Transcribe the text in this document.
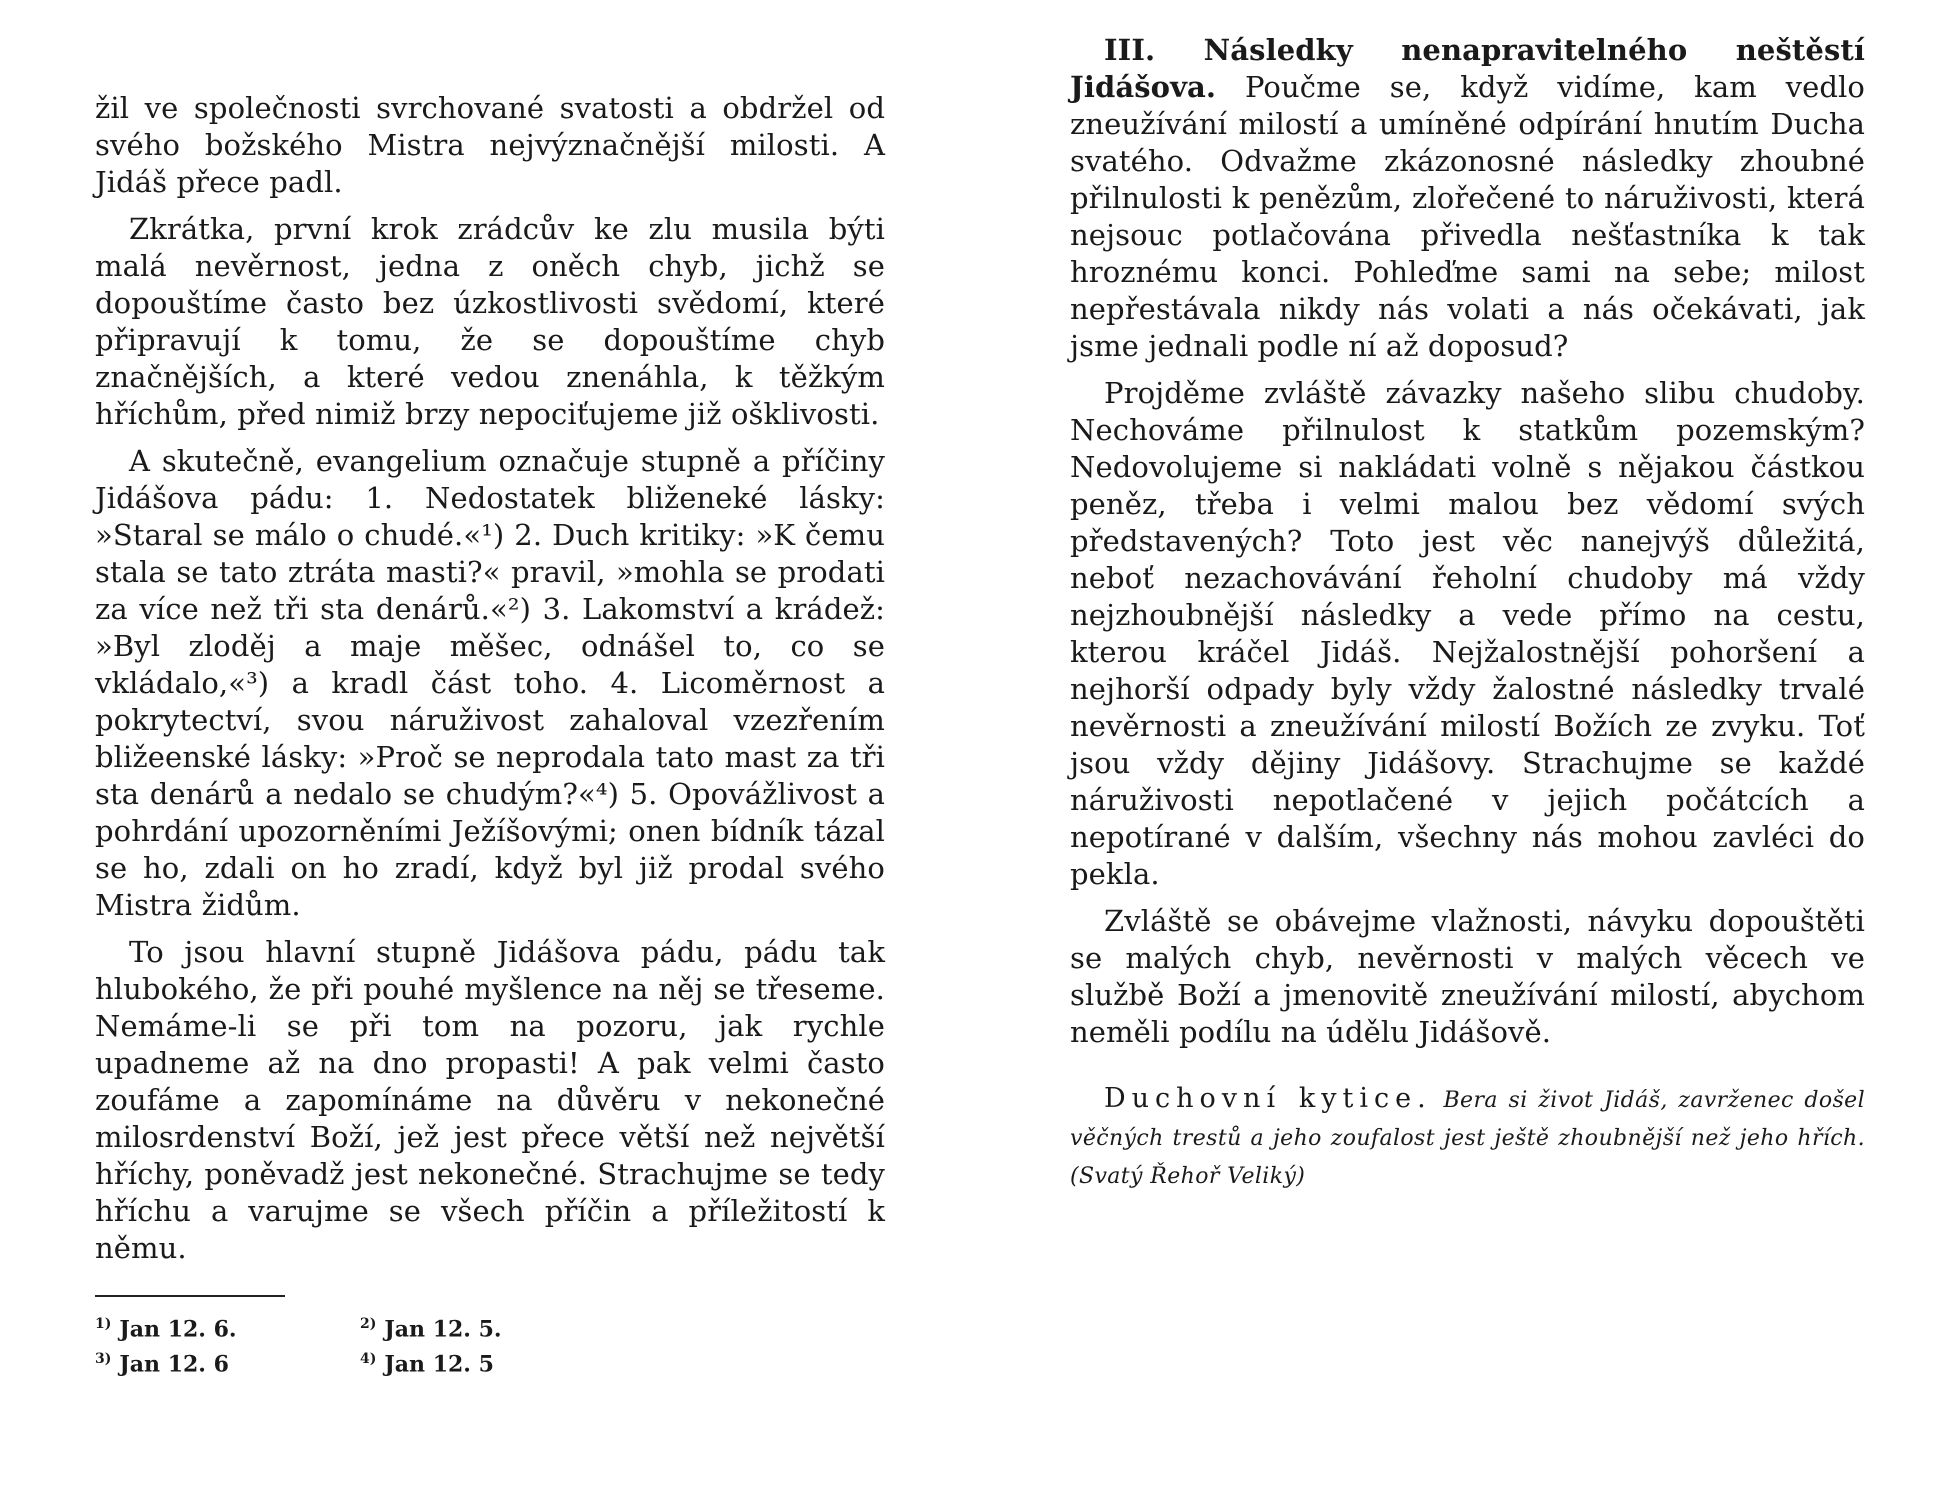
žil ve společnosti svrchované svatosti a obdržel od svého božského Mistra nejvýznačnější milosti. A Jidáš přece padl.

Zkrátka, první krok zrádcův ke zlu musila býti malá nevěrnost, jedna z oněch chyb, jichž se dopouštíme často bez úzkostlivosti svědomí, které připravují k tomu, že se dopouštíme chyb značnějších, a které vedou znenáhla, k těžkým hříchům, před nimiž brzy nepociťujeme již ošklivosti.

A skutečně, evangelium označuje stupně a příčiny Jidášova pádu: 1. Nedostatek bliženeké lásky: »Staral se málo o chudé.«¹) 2. Duch kritiky: »K čemu stala se tato ztráta masti?« pravil, »mohla se prodati za více než tři sta denárů.«²) 3. Lakomství a krádež: »Byl zloděj a maje měšec, odnášel to, co se vkládalo,«³) a kradl část toho. 4. Licoměrnost a pokrytectví, svou náruživost zahaloval vzezřením bližeenské lásky: »Proč se neprodala tato mast za tři sta denárů a nedalo se chudým?«⁴) 5. Opovážlivost a pohrdání upozorněními Ježíšovými; onen bídník tázal se ho, zdali on ho zradí, když byl již prodal svého Mistra židům.

To jsou hlavní stupně Jidášova pádu, pádu tak hlubokého, že při pouhé myšlence na něj se třeseme. Nemáme-li se při tom na pozoru, jak rychle upadneme až na dno propasti! A pak velmi často zoufáme a zapomínáme na důvěru v nekonečné milosrdenství Boží, jež jest přece větší než největší hříchy, poněvadž jest nekonečné. Strachujme se tedy hříchu a varujme se všech příčin a příležitostí k němu.

$^{1)}$ Jan 12. 6.	$^{2)}$ Jan 12. 5.
$^{3)}$ Jan 12. 6	$^{4)}$ Jan 12. 5

III. Následky nenapravitelného neštěstí Jidášova. Poučme se, když vidíme, kam vedlo zneužívání milostí a umíněné odpírání hnutím Ducha svatého. Odvažme zkázonosné následky zhoubné přilnulosti k penězům, zlořečené to náruživosti, která nejsouc potlačována přivedla nešťastníka k tak hroznému konci. Pohleďme sami na sebe; milost nepřestávala nikdy nás volati a nás očekávati, jak jsme jednali podle ní až doposud?

Projděme zvláště závazky našeho slibu chudoby. Nechováme přilnulost k statkům pozemským? Nedovolujeme si nakládati volně s nějakou částkou peněz, třeba i velmi malou bez vědomí svých představených? Toto jest věc nanejvýš důležitá, neboť nezachovávání řeholní chudoby má vždy nejzhoubnější následky a vede přímo na cestu, kterou kráčel Jidáš. Nejžalostnější pohoršení a nejhorší odpady byly vždy žalostné následky trvalé nevěrnosti a zneužívání milostí Božích ze zvyku. Toť jsou vždy dějiny Jidášovy. Strachujme se každé náruživosti nepotlačené v jejich počátcích a nepotírané v dalším, všechny nás mohou zavléci do pekla.

Zvláště se obávejme vlažnosti, návyku dopouštěti se malých chyb, nevěrnosti v malých věcech ve službě Boží a jmenovitě zneužívání milostí, abychom neměli podílu na údělu Jidášově.

Duchovní kytice. Bera si život Jidáš, zavrženec došel věčných trestů a jeho zoufalost jest ještě zhoubnější než jeho hřích. (Svatý Řehoř Veliký)
